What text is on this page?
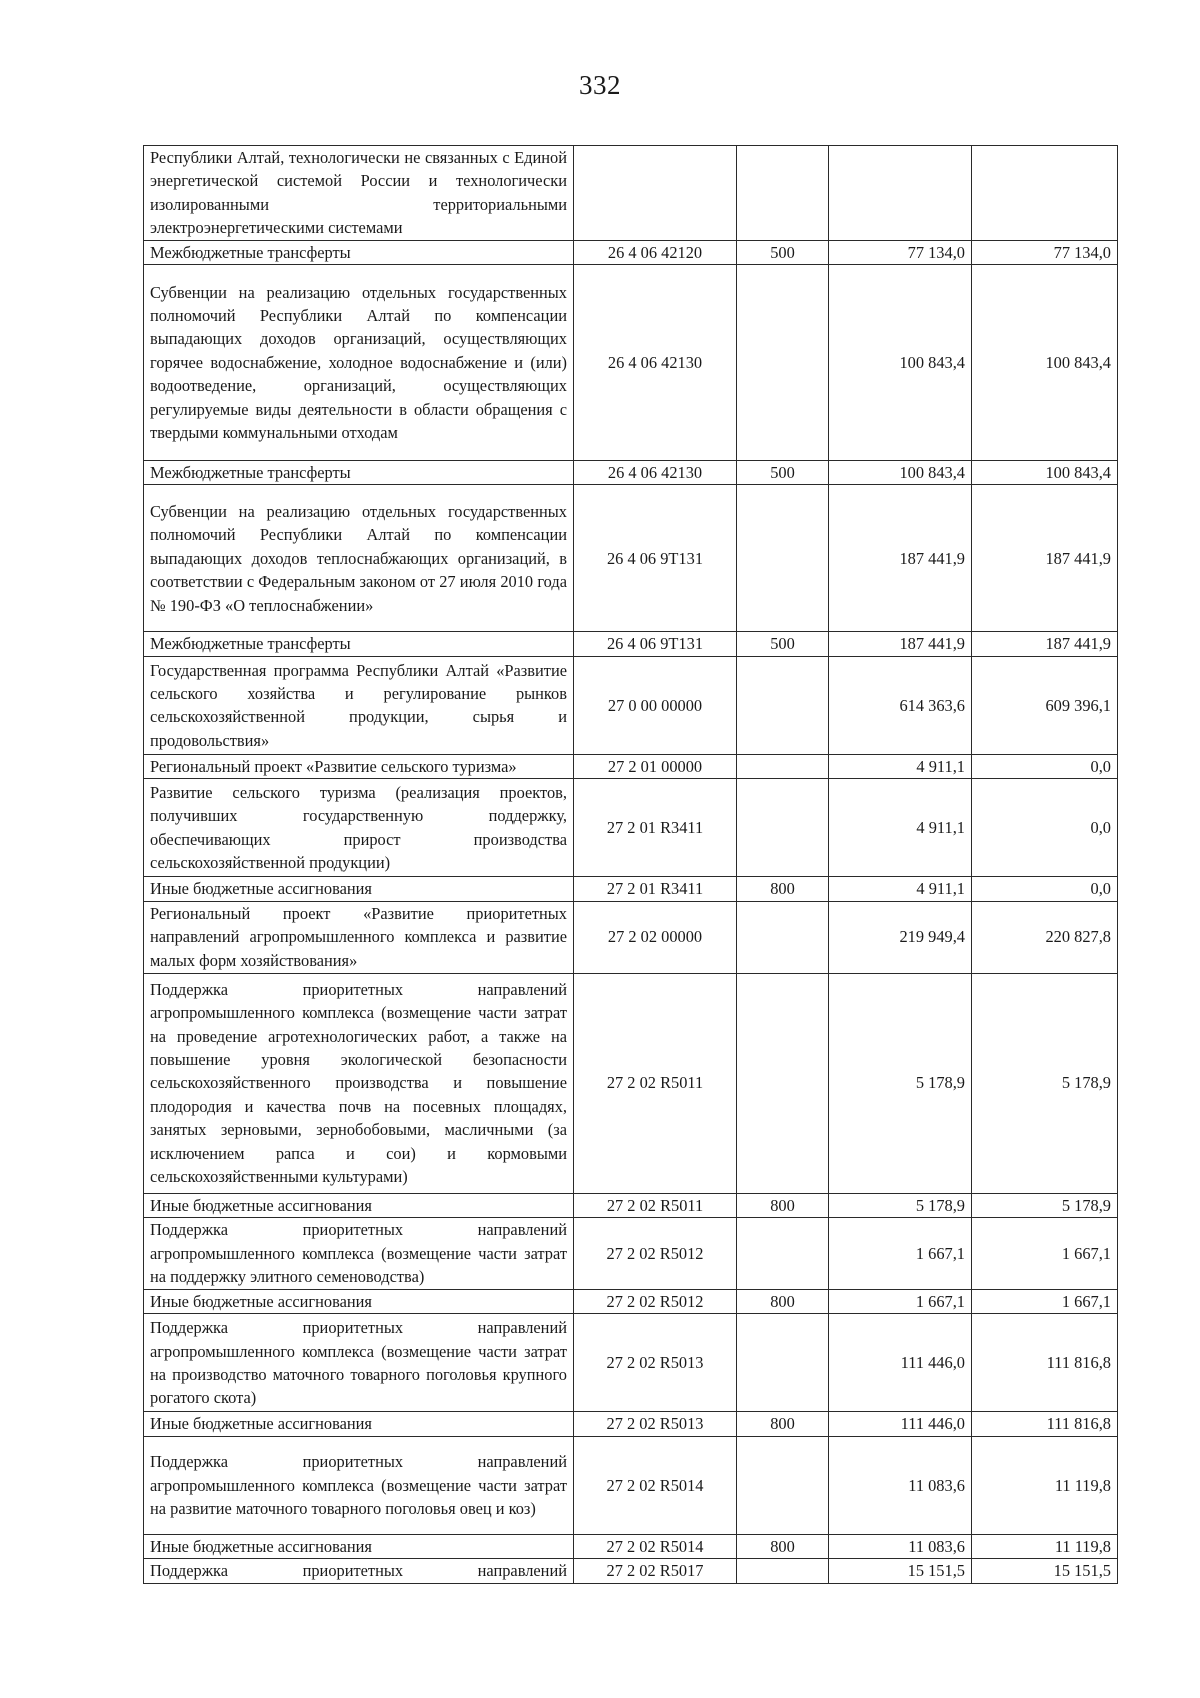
332
Республики Алтай, технологически не связанных с Единой энергетической системой России и технологически изолированными территориальными электроэнергетическими системами				
Межбюджетные трансферты	26 4 06 42120	500	77 134,0	77 134,0
Субвенции на реализацию отдельных государственных полномочий Республики Алтай по компенсации выпадающих доходов организаций, осуществляющих горячее водоснабжение, холодное водоснабжение и (или) водоотведение, организаций, осуществляющих регулируемые виды деятельности в области обращения с твердыми коммунальными отходам	26 4 06 42130		100 843,4	100 843,4
Межбюджетные трансферты	26 4 06 42130	500	100 843,4	100 843,4
Субвенции на реализацию отдельных государственных полномочий Республики Алтай по компенсации выпадающих доходов теплоснабжающих организаций, в соответствии с Федеральным законом от 27 июля 2010 года № 190-ФЗ «О теплоснабжении»	26 4 06 9Т131		187 441,9	187 441,9
Межбюджетные трансферты	26 4 06 9Т131	500	187 441,9	187 441,9
Государственная программа Республики Алтай «Развитие сельского хозяйства и регулирование рынков сельскохозяйственной продукции, сырья и продовольствия»	27 0 00 00000		614 363,6	609 396,1
Региональный проект «Развитие сельского туризма»	27 2 01 00000		4 911,1	0,0
Развитие сельского туризма (реализация проектов, получивших государственную поддержку, обеспечивающих прирост производства сельскохозяйственной продукции)	27 2 01 R3411		4 911,1	0,0
Иные бюджетные ассигнования	27 2 01 R3411	800	4 911,1	0,0
Региональный проект «Развитие приоритетных направлений агропромышленного комплекса и развитие малых форм хозяйствования»	27 2 02 00000		219 949,4	220 827,8
Поддержка приоритетных направлений агропромышленного комплекса (возмещение части затрат на проведение агротехнологических работ, а также на повышение уровня экологической безопасности сельскохозяйственного производства и повышение плодородия и качества почв на посевных площадях, занятых зерновыми, зернобобовыми, масличными (за исключением рапса и сои) и кормовыми сельскохозяйственными культурами)	27 2 02 R5011		5 178,9	5 178,9
Иные бюджетные ассигнования	27 2 02 R5011	800	5 178,9	5 178,9
Поддержка приоритетных направлений агропромышленного комплекса (возмещение части затрат на поддержку элитного семеноводства)	27 2 02 R5012		1 667,1	1 667,1
Иные бюджетные ассигнования	27 2 02 R5012	800	1 667,1	1 667,1
Поддержка приоритетных направлений агропромышленного комплекса (возмещение части затрат на производство маточного товарного поголовья крупного рогатого скота)	27 2 02 R5013		111 446,0	111 816,8
Иные бюджетные ассигнования	27 2 02 R5013	800	111 446,0	111 816,8
Поддержка приоритетных направлений агропромышленного комплекса (возмещение части затрат на развитие маточного товарного поголовья овец и коз)	27 2 02 R5014		11 083,6	11 119,8
Иные бюджетные ассигнования	27 2 02 R5014	800	11 083,6	11 119,8
Поддержка приоритетных направлений	27 2 02 R5017		15 151,5	15 151,5
